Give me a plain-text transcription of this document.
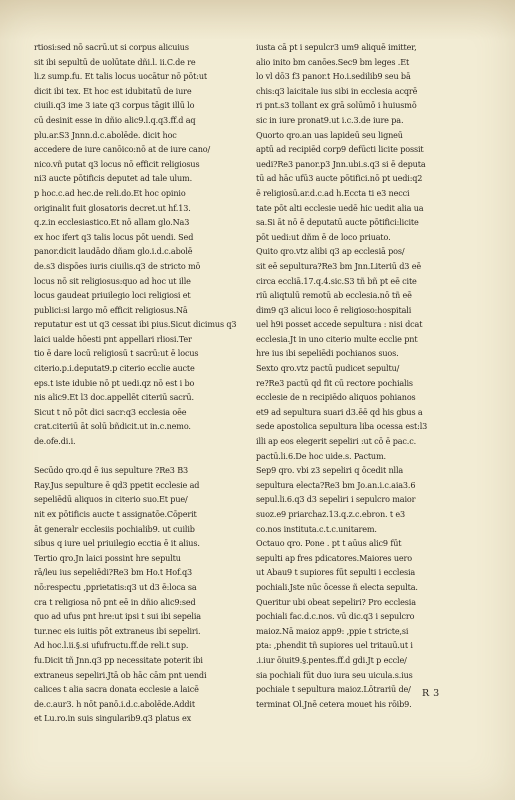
rtiosi:sed nō sacrū.ut si corpus alicuius
sit ibi sepultū de uolūtate dñi.l. ii.C.de re
li.z sump.fu. Et talis locus uocātur nō pōt:ut
dicit ibi tex. Et hoc est idubitatū de iure
ciuili.q3 ime 3 iate q3 corpus tāgit illū lo
cū desinit esse in dñio alic9.l.q.q3.ff.d aq
plu.ar.S3 Jnnn.d.c.abolēde. dicit hoc
accedere de iure canōico:nō at de iure cano/
nico.vñ putat q3 locus nō efficit religiosus
ni3 aucte pōtificis deputet ad tale ulum.
p hoc.c.ad hec.de reli.do.Et hoc opinio
originalit fuit glosatoris decret.ut hf.13.
q.z.in ecclesiastico.Et nō allam glo.Na3
ex hoc ifert q3 talis locus pōt uendi. Sed
panor.dicit laudādo dñam glo.i.d.c.abolē
de.s3 dispōes iuris ciuilis.q3 de stricto mō
locus nō sit religiosus:quo ad hoc ut ille
locus gaudeat priuilegio loci religiosi et
publici:si largo mō efficit religiosus.Nā
reputatur est ut q3 cessat ibi pius.Sicut dicimus q3
laici ualde hōesti pnt appellari rliosi.Ter
tio ē dare locū religiosū t sacrū:ut ē locus
citerio.p.i.deputat9.p citerio ecclie aucte
eps.t iste idubie nō pt uedi.qz nō est i bo
nis alic9.Et l3 doc.appellēt citeriū sacrū.
Sicut t nō pōt dici sacr:q3 ecclesia oēe
crat.citeriū āt solū bñdicit.ut in.c.nemo.
de.ofe.di.i.

Secūdo qro.qd ē ius sepulture ?Re3 B3
Ray.Jus sepulture ē qd3 ppetit ecclesie ad
sepeliēdū aliquos in citerio suo.Et pue/
nit ex pōtificis aucte t assignatōe.Cōperit
āt generalr ecclesiis pochialib9. ut cuilib
sibus q iure uel priuilegio ecctia ē it alius.
Tertio qro.Jn laici possint hre sepultu
rā/leu ius sepeliēdi?Re3 bm Ho.t Hof.q3
nō:respectu ,pprietatis:q3 ut d3 ē:loca sa
cra t religiosa nō pnt eē in dñio alic9:sed
quo ad ufus pnt hre:ut ipsi t sui ibi sepelia
tur.nec eis iuitis pōt extraneus ibi sepeliri.
Ad hoc.l.ii.§.si ufufructu.ff.de reli.t sup.
fu.Dicit tñ Jnn.q3 pp necessitate poterit ibi
extraneus sepeliri.Jtā ob hāc cām pnt uendi
calices t alia sacra donata ecclesie a laicē
de.c.aur3. h nōt panō.i.d.c.abolēde.Addit
et Lu.ro.in suis singularib9.q3 platus ex
iusta cā pt i sepulcr3 um9 aliquē imitter,
alio inito bm canōes.Sec9 bm leges .Et
lo vl dō3 f3 panor.t Ho.i.sedilib9 seu bā
chis:q3 laicitale ius sibi in ecclesia acqrē
ri pnt.s3 tollant ex grā solūmō i huiusmō
sic in iure pronat9.ut i.c.3.de iure pa.
Quorto qro.an uas lapideū seu ligneū
aptū ad recipiēd corp9 defūcti licite possit
uedi?Re3 panor.p3 Jnn.ubi.s.q3 si ē deputa
tū ad hāc ufū3 aucte pōtifici.nō pt uedi:q2
ē religiosū.ar.d.c.ad h.Eccta ti e3 necci
tate pōt alti ecclesie uedē hic uedit alia ua
sa.Si āt nō ē deputatū aucte pōtifici:licite
pōt uedi:ut dñm ē de loco priuato.
Quito qro.vtz alibi q3 ap ecclesiā pos/
sit eē sepultura?Re3 bm Jnn.Literiū d3 eē
circa eccliā.17.q.4.sic.S3 tñ bñ pt eē cite
riū aliqtulū remotū ab ecclesia.nō tñ eē
dim9 q3 alicui loco ē religioso:hospitali
uel h9i posset accede sepultura : nisi dcat
ecclesia.Jt in uno citerio multe ecclie pnt
hre ius ibi sepeliēdi pochianos suos.
Sexto qro.vtz pactū pudicet sepultu/
re?Re3 pactū qd fit cū rectore pochialis
ecclesie de n recipiēdo aliquos pohianos
et9 ad sepultura suari d3.ēē qd his gbus a
sede apostolica sepultura liba ocessa est:l3
illi ap eos elegerit sepeliri :ut cō ē pac.c.
pactū.li.6.De hoc uide.s. Pactum.
Sep9 qro. vbi z3 sepeliri q ōcedit nlla
sepultura electa?Re3 bm Jo.an.i.c.aia3.6
sepul.li.6.q3 d3 sepeliri i sepulcro maior
suoz.e9 priarchaz.13.q.z.c.ebron. t e3
co.nos instituta.c.t.c.unitarem.
Octauo qro. Pone . pt t aūus alic9 fūt
sepulti ap fres pdicatores.Maiores uero
ut Abau9 t supiores fūt sepulti i ecclesia
pochiali.Jste nūc ōcesse ñ electa sepulta.
Queritur ubi obeat sepeliri? Pro ecclesia
pochiali fac.d.c.nos. vū dic.q3 i sepulcro
maioz.Nā maioz app9: ,ppie t stricte,si
pta: ,phendit tñ supiores uel tritauū.ut i
.i.iur ōiuit9.§.pentes.ff.d gdi.Jt p eccle/
sia pochiali fūt duo iura seu uicula.s.ius
pochiale t sepultura maioz.Lōtrariū de/
terminat Ol.Jnē cetera mouet his rōib9.
R 3
